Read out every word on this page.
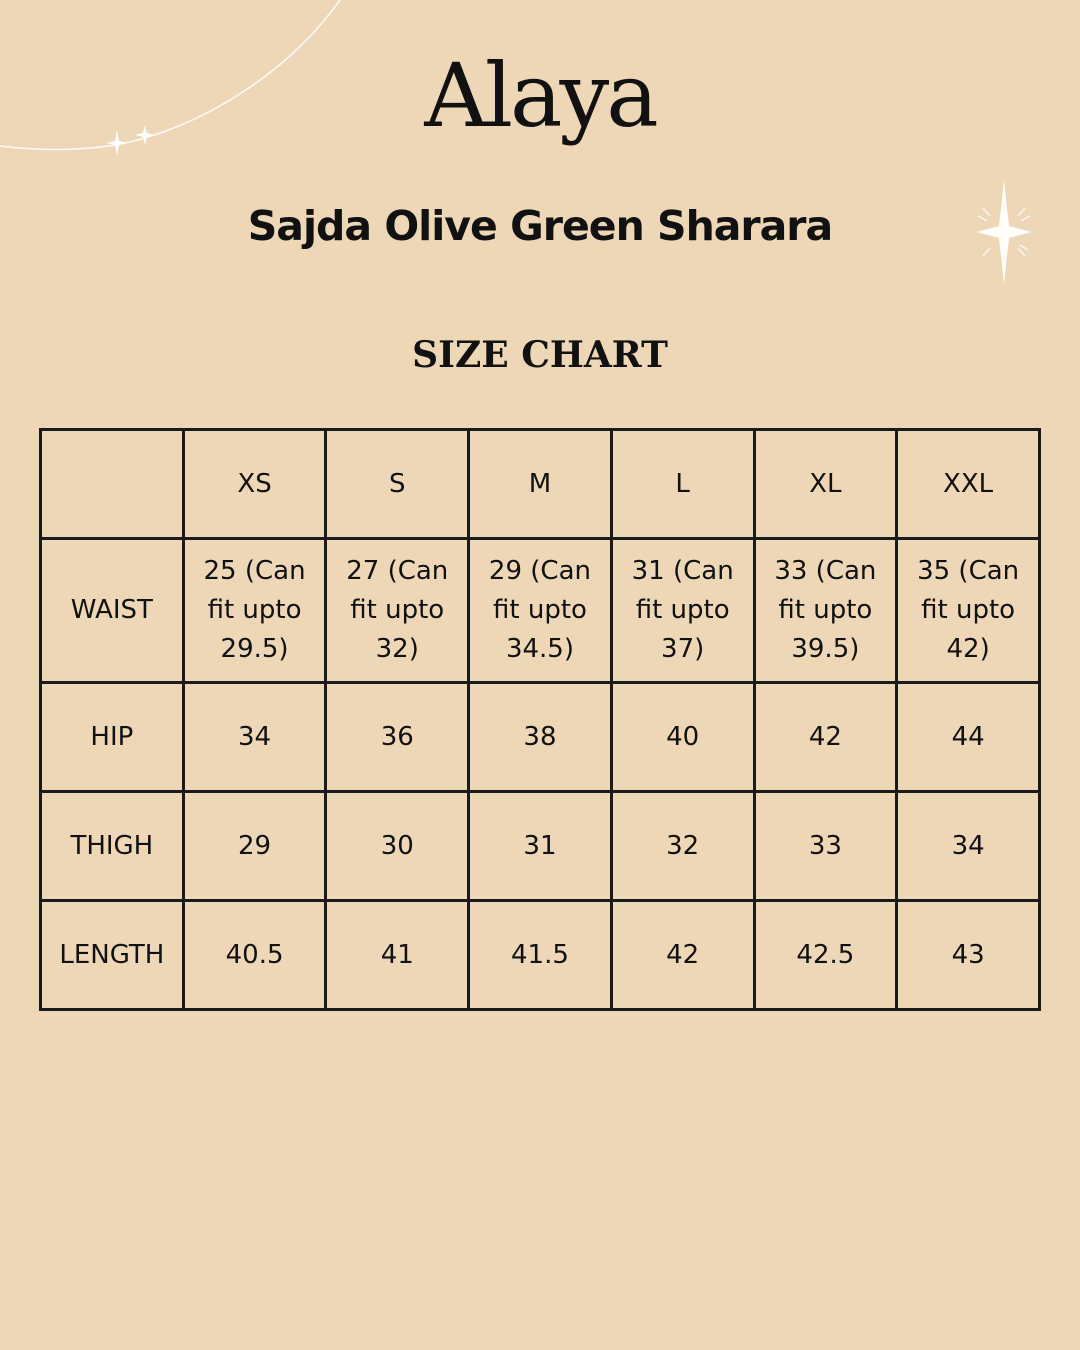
Alaya
Sajda Olive Green Sharara
SIZE CHART
	XS	S	M	L	XL	XXL
WAIST	25 (Can
fit upto
29.5)	27 (Can
fit upto
32)	29 (Can
fit upto
34.5)	31 (Can
fit upto
37)	33 (Can
fit upto
39.5)	35 (Can
fit upto
42)
HIP	34	36	38	40	42	44
THIGH	29	30	31	32	33	34
LENGTH	40.5	41	41.5	42	42.5	43
